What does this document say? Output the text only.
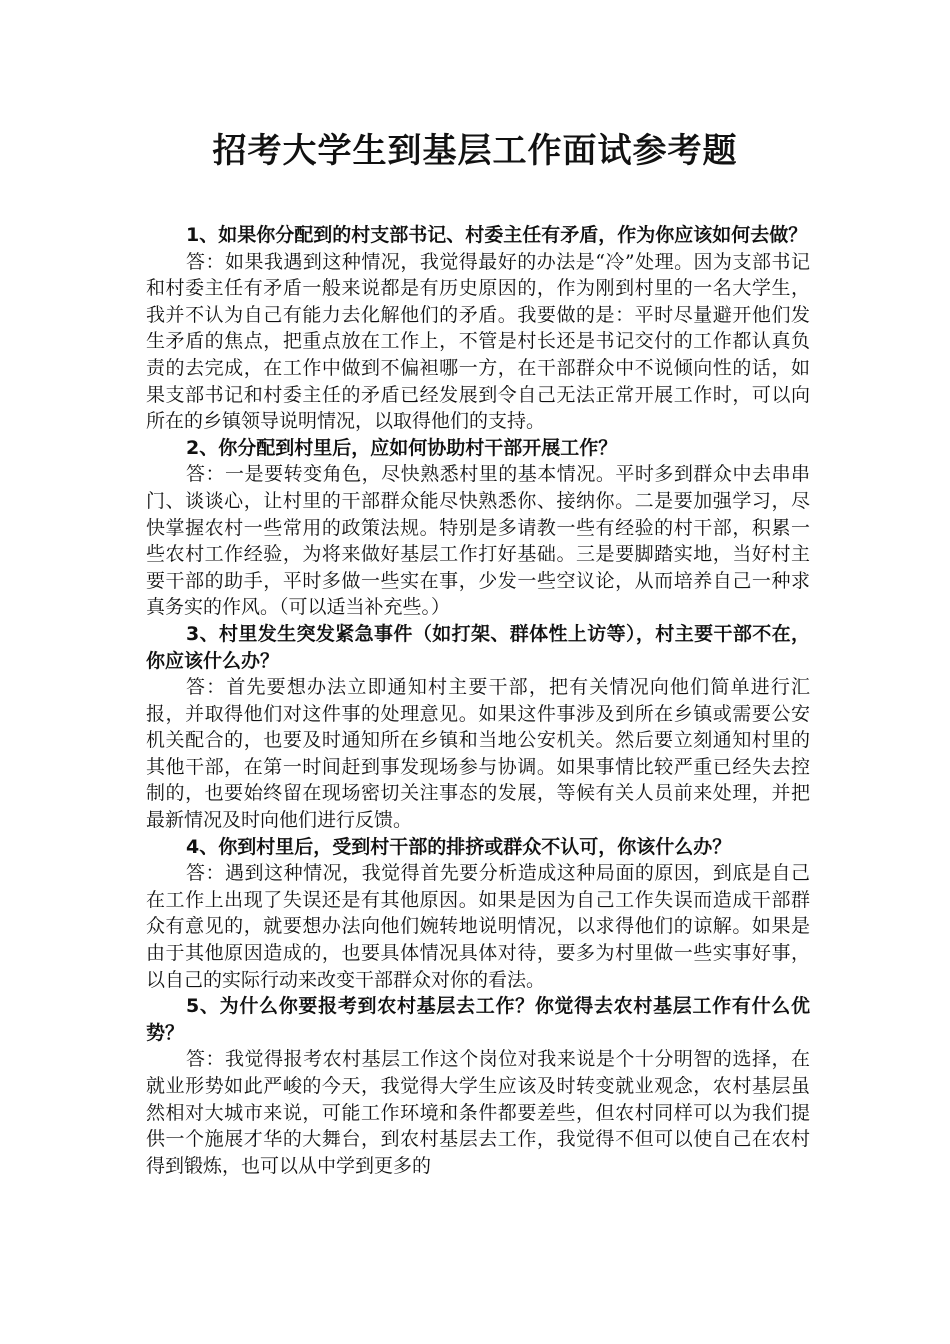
招考大学生到基层工作面试参考题

1、如果你分配到的村支部书记、村委主任有矛盾，作为你应该如何去做？

答：如果我遇到这种情况，我觉得最好的办法是“冷”处理。因为支部书记和村委主任有矛盾一般来说都是有历史原因的，作为刚到村里的一名大学生，我并不认为自己有能力去化解他们的矛盾。我要做的是：平时尽量避开他们发生矛盾的焦点，把重点放在工作上，不管是村长还是书记交付的工作都认真负责的去完成，在工作中做到不偏袒哪一方，在干部群众中不说倾向性的话，如果支部书记和村委主任的矛盾已经发展到令自己无法正常开展工作时，可以向所在的乡镇领导说明情况，以取得他们的支持。

2、你分配到村里后，应如何协助村干部开展工作？

答：一是要转变角色，尽快熟悉村里的基本情况。平时多到群众中去串串门、谈谈心，让村里的干部群众能尽快熟悉你、接纳你。二是要加强学习，尽快掌握农村一些常用的政策法规。特别是多请教一些有经验的村干部，积累一些农村工作经验，为将来做好基层工作打好基础。三是要脚踏实地，当好村主要干部的助手，平时多做一些实在事，少发一些空议论，从而培养自己一种求真务实的作风。（可以适当补充些。）

3、村里发生突发紧急事件（如打架、群体性上访等），村主要干部不在，你应该什么办？

答：首先要想办法立即通知村主要干部，把有关情况向他们简单进行汇报，并取得他们对这件事的处理意见。如果这件事涉及到所在乡镇或需要公安机关配合的，也要及时通知所在乡镇和当地公安机关。然后要立刻通知村里的其他干部，在第一时间赶到事发现场参与协调。如果事情比较严重已经失去控制的，也要始终留在现场密切关注事态的发展，等候有关人员前来处理，并把最新情况及时向他们进行反馈。

4、你到村里后，受到村干部的排挤或群众不认可，你该什么办？

答：遇到这种情况，我觉得首先要分析造成这种局面的原因，到底是自己在工作上出现了失误还是有其他原因。如果是因为自己工作失误而造成干部群众有意见的，就要想办法向他们婉转地说明情况，以求得他们的谅解。如果是由于其他原因造成的，也要具体情况具体对待，要多为村里做一些实事好事，以自己的实际行动来改变干部群众对你的看法。

5、为什么你要报考到农村基层去工作？你觉得去农村基层工作有什么优势？

答：我觉得报考农村基层工作这个岗位对我来说是个十分明智的选择，在就业形势如此严峻的今天，我觉得大学生应该及时转变就业观念，农村基层虽然相对大城市来说，可能工作环境和条件都要差些，但农村同样可以为我们提供一个施展才华的大舞台，到农村基层去工作，我觉得不但可以使自己在农村得到锻炼，也可以从中学到更多的
